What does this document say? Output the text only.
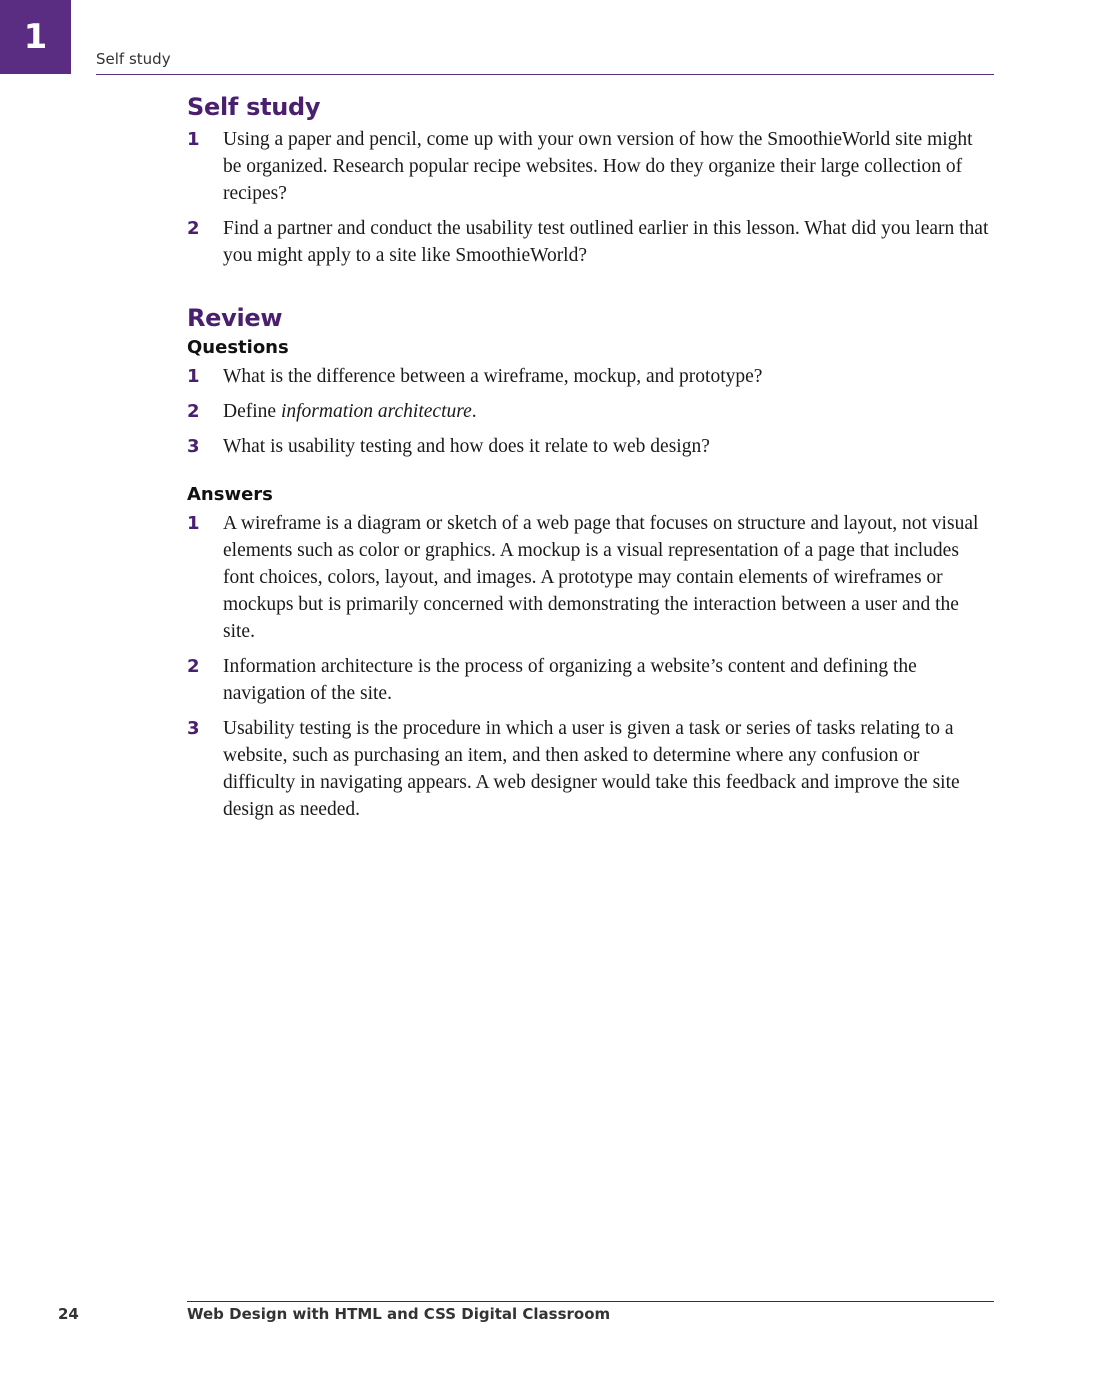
1
Self study
Self study
1 Using a paper and pencil, come up with your own version of how the SmoothieWorld site might be organized. Research popular recipe websites. How do they organize their large collection of recipes?
2 Find a partner and conduct the usability test outlined earlier in this lesson. What did you learn that you might apply to a site like SmoothieWorld?
Review
Questions
1 What is the difference between a wireframe, mockup, and prototype?
2 Define information architecture.
3 What is usability testing and how does it relate to web design?
Answers
1 A wireframe is a diagram or sketch of a web page that focuses on structure and layout, not visual elements such as color or graphics. A mockup is a visual representation of a page that includes font choices, colors, layout, and images. A prototype may contain elements of wireframes or mockups but is primarily concerned with demonstrating the interaction between a user and the site.
2 Information architecture is the process of organizing a website’s content and defining the navigation of the site.
3 Usability testing is the procedure in which a user is given a task or series of tasks relating to a website, such as purchasing an item, and then asked to determine where any confusion or difficulty in navigating appears. A web designer would take this feedback and improve the site design as needed.
24	Web Design with HTML and CSS Digital Classroom
